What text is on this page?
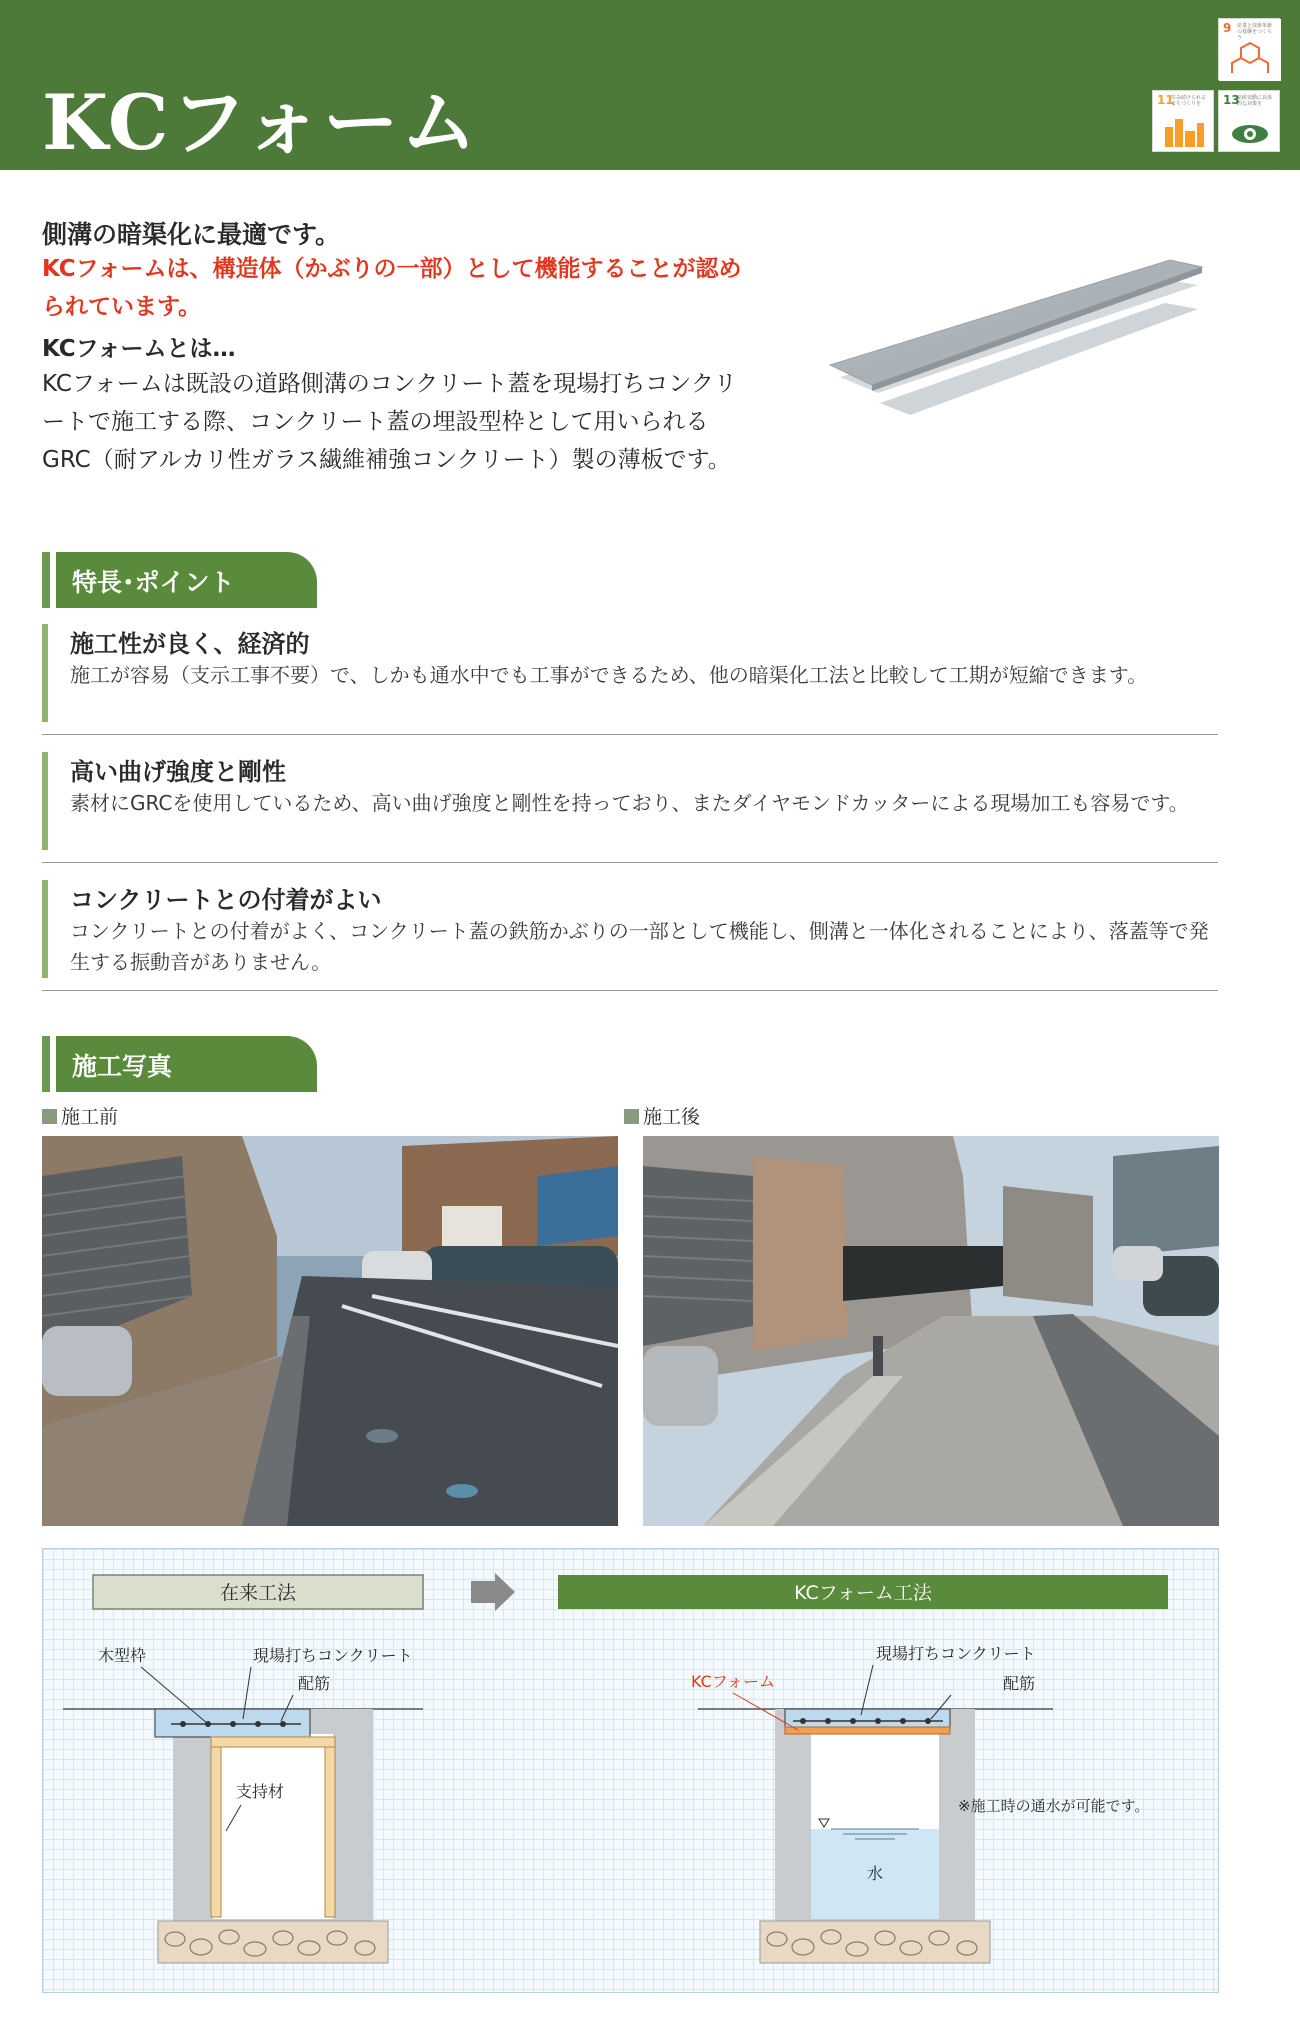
KCフォーム
9 産業と技術革新の基盤をつくろう
11
住み続けられるまちづくりを	13
気候変動に具体的な対策を
側溝の暗渠化に最適です。
KCフォームは、構造体（かぶりの一部）として機能することが認められています。
KCフォームとは…
KCフォームは既設の道路側溝のコンクリート蓋を現場打ちコンクリートで施工する際、コンクリート蓋の埋設型枠として用いられるGRC（耐アルカリ性ガラス繊維補強コンクリート）製の薄板です。
特長･ポイント
施工性が良く、経済的
施工が容易（支示工事不要）で、しかも通水中でも工事ができるため、他の暗渠化工法と比較して工期が短縮できます。
高い曲げ強度と剛性
素材にGRCを使用しているため、高い曲げ強度と剛性を持っており、またダイヤモンドカッターによる現場加工も容易です。
コンクリートとの付着がよい
コンクリートとの付着がよく、コンクリート蓋の鉄筋かぶりの一部として機能し、側溝と一体化されることにより、落蓋等で発生する振動音がありません。
施工写真
施工前	施工後
在来工法	KCフォーム工法
木型枠	現場打ちコンクリート
配筋
支持材
水
KCフォーム
現場打ちコンクリート
配筋
※施工時の通水が可能です。
